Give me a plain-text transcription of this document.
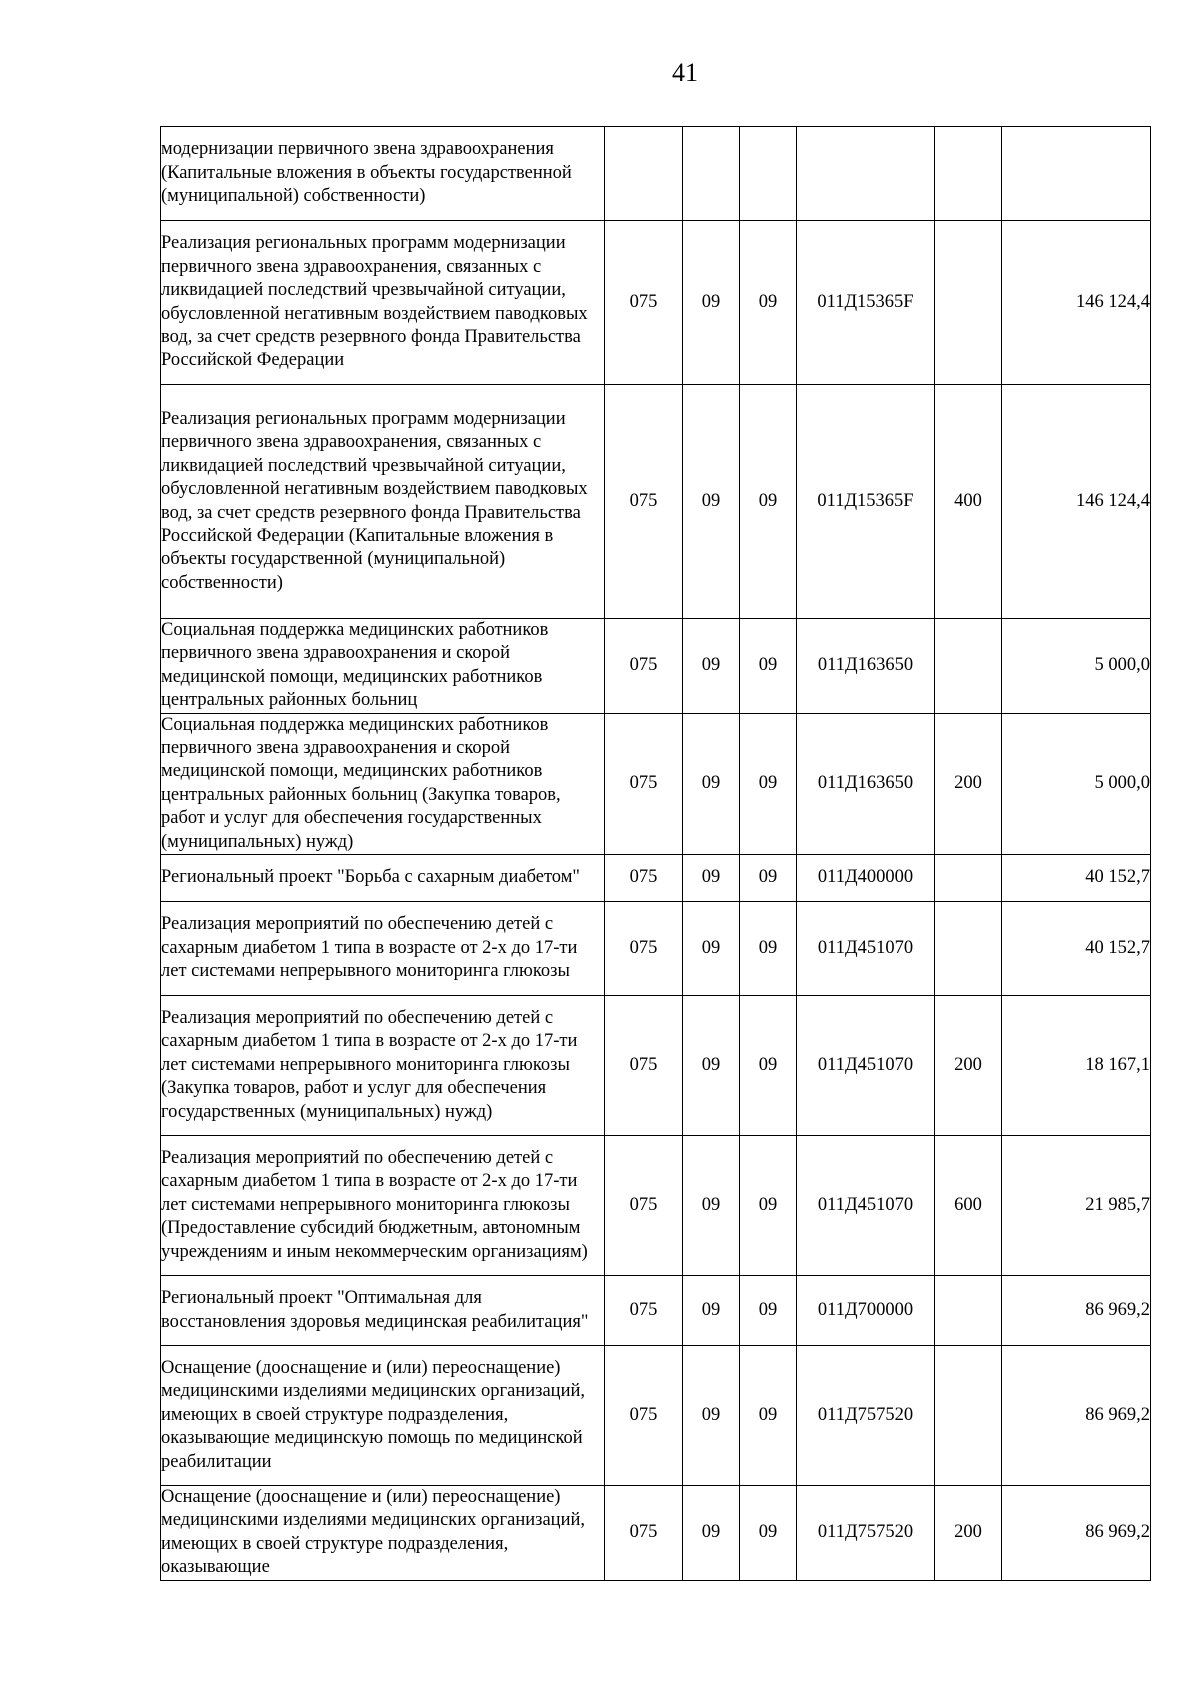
41
модернизации первичного звена здравоохранения (Капитальные вложения в объекты государственной (муниципальной) собственности)						
Реализация региональных программ модернизации первичного звена здравоохранения, связанных с ликвидацией последствий чрезвычайной ситуации, обусловленной негативным воздействием паводковых вод, за счет средств резервного фонда Правительства Российской Федерации	075	09	09	011Д15365F		146 124,4
Реализация региональных программ модернизации первичного звена здравоохранения, связанных с ликвидацией последствий чрезвычайной ситуации, обусловленной негативным воздействием паводковых вод, за счет средств резервного фонда Правительства Российской Федерации (Капитальные вложения в объекты государственной (муниципальной) собственности)	075	09	09	011Д15365F	400	146 124,4
Социальная поддержка медицинских работников первичного звена здравоохранения и скорой медицинской помощи, медицинских работников центральных районных больниц	075	09	09	011Д163650		5 000,0
Социальная поддержка медицинских работников первичного звена здравоохранения и скорой медицинской помощи, медицинских работников центральных районных больниц (Закупка товаров, работ и услуг для обеспечения государственных (муниципальных) нужд)	075	09	09	011Д163650	200	5 000,0
Региональный проект "Борьба с сахарным диабетом"	075	09	09	011Д400000		40 152,7
Реализация мероприятий по обеспечению детей с сахарным диабетом 1 типа в возрасте от 2-х до 17-ти лет системами непрерывного мониторинга глюкозы	075	09	09	011Д451070		40 152,7
Реализация мероприятий по обеспечению детей с сахарным диабетом 1 типа в возрасте от 2-х до 17-ти лет системами непрерывного мониторинга глюкозы (Закупка товаров, работ и услуг для обеспечения государственных (муниципальных) нужд)	075	09	09	011Д451070	200	18 167,1
Реализация мероприятий по обеспечению детей с сахарным диабетом 1 типа в возрасте от 2-х до 17-ти лет системами непрерывного мониторинга глюкозы (Предоставление субсидий бюджетным, автономным учреждениям и иным некоммерческим организациям)	075	09	09	011Д451070	600	21 985,7
Региональный проект "Оптимальная для восстановления здоровья медицинская реабилитация"	075	09	09	011Д700000		86 969,2
Оснащение (дооснащение и (или) переоснащение) медицинскими изделиями медицинских организаций, имеющих в своей структуре подразделения, оказывающие медицинскую помощь по медицинской реабилитации	075	09	09	011Д757520		86 969,2
Оснащение (дооснащение и (или) переоснащение) медицинскими изделиями медицинских организаций, имеющих в своей структуре подразделения, оказывающие	075	09	09	011Д757520	200	86 969,2
